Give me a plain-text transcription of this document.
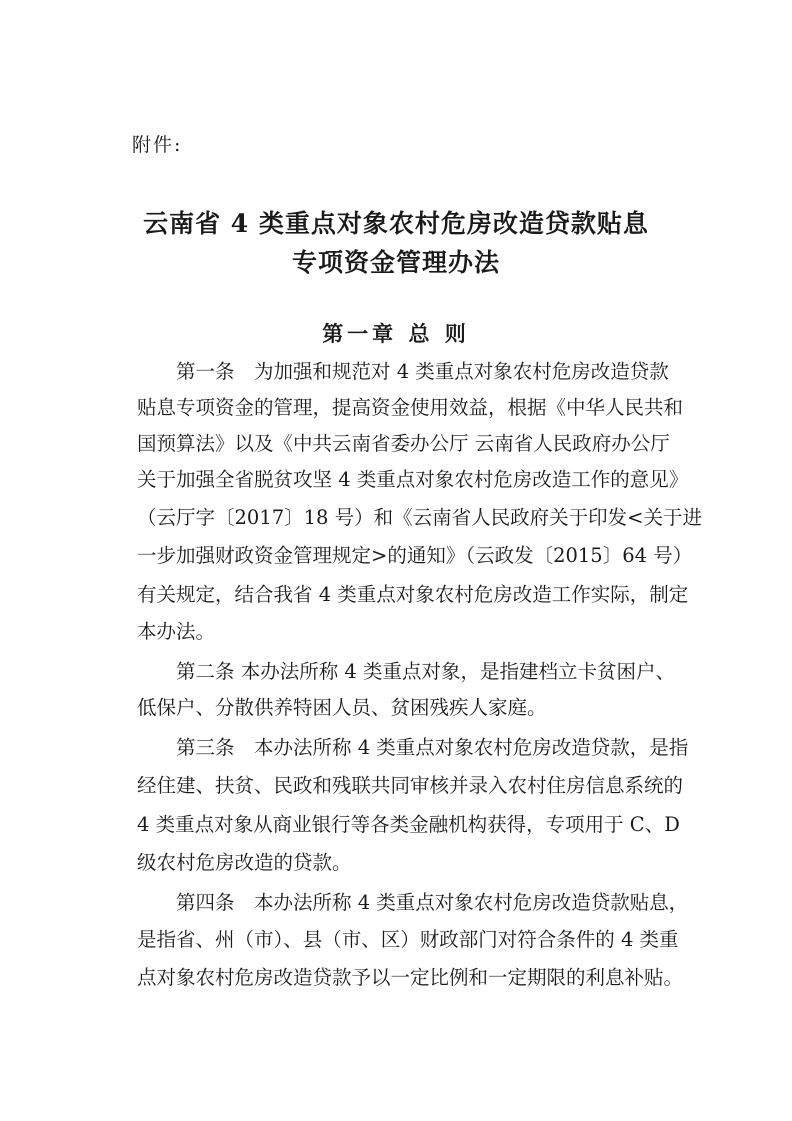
附件:
云南省 4 类重点对象农村危房改造贷款贴息
专项资金管理办法
第一章 总 则
第一条　为加强和规范对 4 类重点对象农村危房改造贷款
贴息专项资金的管理，提高资金使用效益，根据《中华人民共和
国预算法》以及《中共云南省委办公厅 云南省人民政府办公厅
关于加强全省脱贫攻坚 4 类重点对象农村危房改造工作的意见》
（云厅字〔2017〕18 号）和《云南省人民政府关于印发<关于进
一步加强财政资金管理规定>的通知》（云政发〔2015〕64 号）
有关规定，结合我省 4 类重点对象农村危房改造工作实际，制定
本办法。
第二条 本办法所称 4 类重点对象，是指建档立卡贫困户、
低保户、分散供养特困人员、贫困残疾人家庭。
第三条　本办法所称 4 类重点对象农村危房改造贷款，是指
经住建、扶贫、民政和残联共同审核并录入农村住房信息系统的
4 类重点对象从商业银行等各类金融机构获得，专项用于 C、D
级农村危房改造的贷款。
第四条　本办法所称 4 类重点对象农村危房改造贷款贴息，
是指省、州（市）、县（市、区）财政部门对符合条件的 4 类重
点对象农村危房改造贷款予以一定比例和一定期限的利息补贴。
